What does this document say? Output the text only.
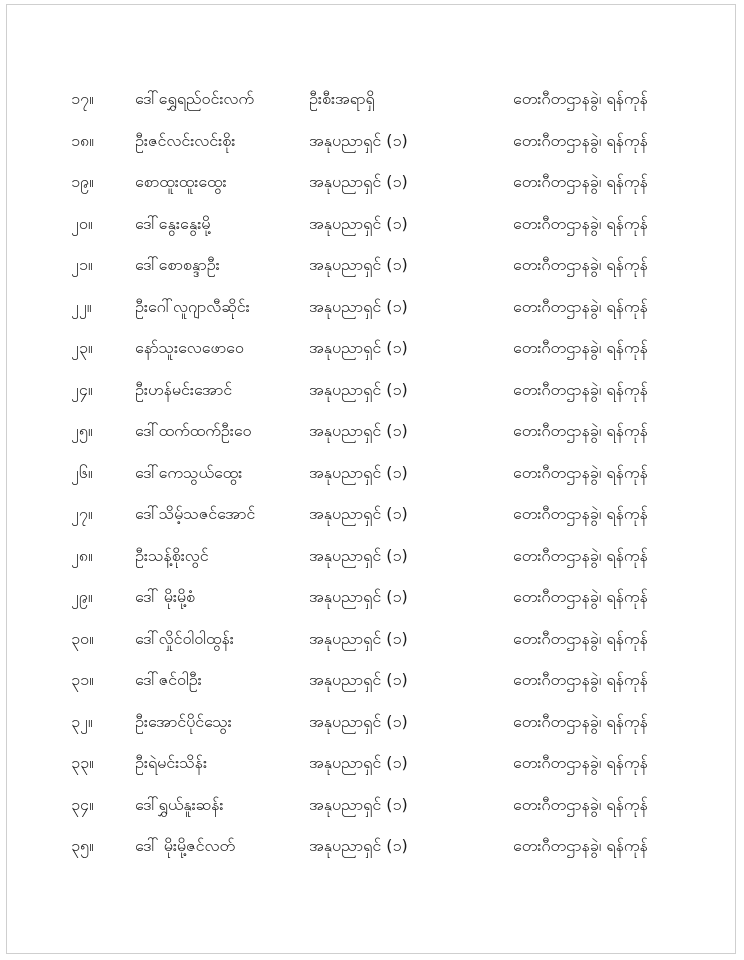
၁၇။	ဒေါ်ရွှေရည်ဝင်းလက်	ဦးစီးအရာရှိ	တေးဂီတဌာနခွဲ၊ ရန်ကုန်
၁၈။	ဦးဇင်လင်းလင်းစိုး	အနုပညာရှင် (၁)	တေးဂီတဌာနခွဲ၊ ရန်ကုန်
၁၉။	စောထူးထူးထွေး	အနုပညာရှင် (၁)	တေးဂီတဌာနခွဲ၊ ရန်ကုန်
၂၀။	ဒေါ်နွေးနွေးမို့	အနုပညာရှင် (၁)	တေးဂီတဌာနခွဲ၊ ရန်ကုန်
၂၁။	ဒေါ်စောစန္ဒာဦး	အနုပညာရှင် (၁)	တေးဂီတဌာနခွဲ၊ ရန်ကုန်
၂၂။	ဦးဂေါ်လူဂျာလီဆိုင်း	အနုပညာရှင် (၁)	တေးဂီတဌာနခွဲ၊ ရန်ကုန်
၂၃။	နော်သူးလေဖောဝေ	အနုပညာရှင် (၁)	တေးဂီတဌာနခွဲ၊ ရန်ကုန်
၂၄။	ဦးဟန်မင်းအောင်	အနုပညာရှင် (၁)	တေးဂီတဌာနခွဲ၊ ရန်ကုန်
၂၅။	ဒေါ်ထက်ထက်ဦးဝေ	အနုပညာရှင် (၁)	တေးဂီတဌာနခွဲ၊ ရန်ကုန်
၂၆။	ဒေါ်ကေသွယ်ထွေး	အနုပညာရှင် (၁)	တေးဂီတဌာနခွဲ၊ ရန်ကုန်
၂၇။	ဒေါ်သိမ့်သဇင်အောင်	အနုပညာရှင် (၁)	တေးဂီတဌာနခွဲ၊ ရန်ကုန်
၂၈။	ဦးသန့်စိုးလွင်	အနုပညာရှင် (၁)	တေးဂီတဌာနခွဲ၊ ရန်ကုန်
၂၉။	ဒေါ် မိုးမို့စံ	အနုပညာရှင် (၁)	တေးဂီတဌာနခွဲ၊ ရန်ကုန်
၃၀။	ဒေါ်လှိုင်ဝါဝါထွန်း	အနုပညာရှင် (၁)	တေးဂီတဌာနခွဲ၊ ရန်ကုန်
၃၁။	ဒေါ်ဇင်ဝါဦး	အနုပညာရှင် (၁)	တေးဂီတဌာနခွဲ၊ ရန်ကုန်
၃၂။	ဦးအောင်ပိုင်သွေး	အနုပညာရှင် (၁)	တေးဂီတဌာနခွဲ၊ ရန်ကုန်
၃၃။	ဦးရဲမင်းသိန်း	အနုပညာရှင် (၁)	တေးဂီတဌာနခွဲ၊ ရန်ကုန်
၃၄။	ဒေါ်ရွှယ်နူးဆန်း	အနုပညာရှင် (၁)	တေးဂီတဌာနခွဲ၊ ရန်ကုန်
၃၅။	ဒေါ် မိုးမို့ဇင်လတ်	အနုပညာရှင် (၁)	တေးဂီတဌာနခွဲ၊ ရန်ကုန်
